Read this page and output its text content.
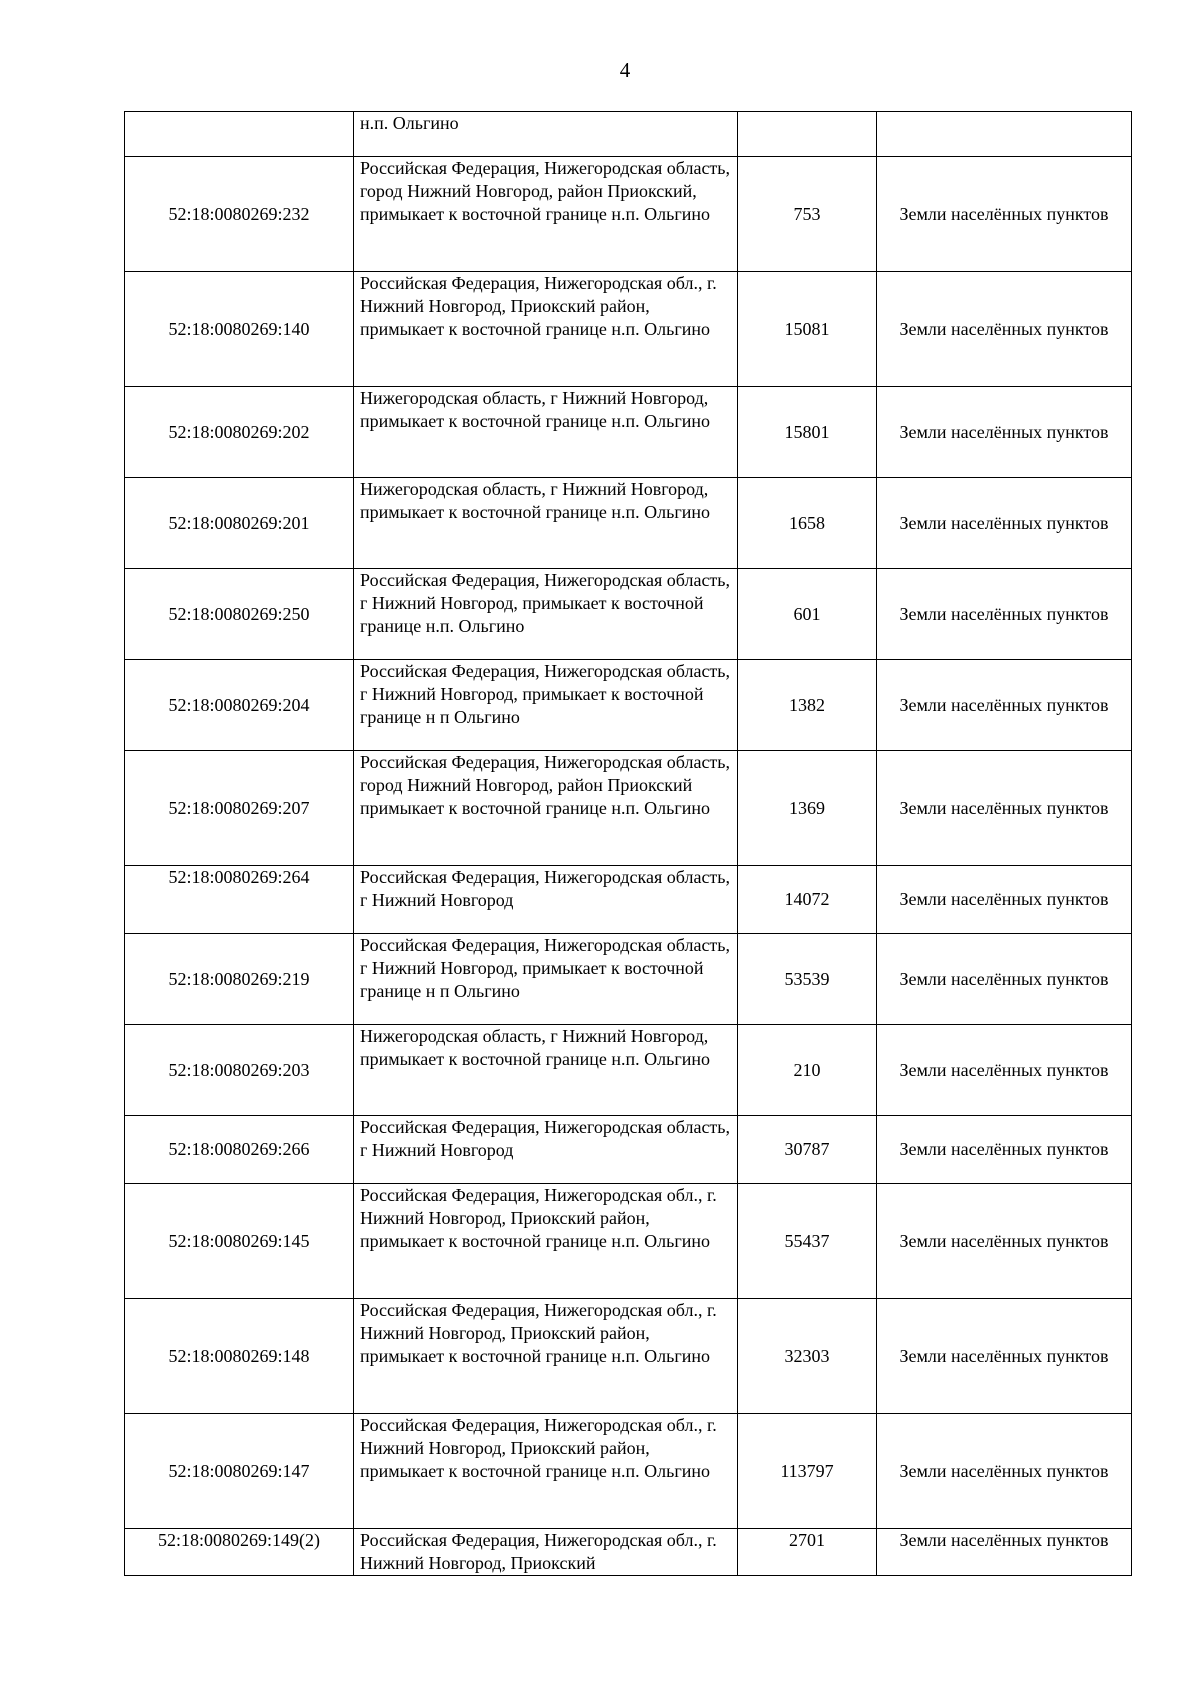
4
	н.п. Ольгино		
52:18:0080269:232	Российская Федерация, Нижегородская область, город Нижний Новгород, район Приокский, примыкает к восточной границе н.п. Ольгино	753	Земли населённых пунктов
52:18:0080269:140	Российская Федерация, Нижегородская обл., г. Нижний Новгород, Приокский район, примыкает к восточной границе н.п. Ольгино	15081	Земли населённых пунктов
52:18:0080269:202	Нижегородская область, г Нижний Новгород, примыкает к восточной границе н.п. Ольгино	15801	Земли населённых пунктов
52:18:0080269:201	Нижегородская область, г Нижний Новгород, примыкает к восточной границе н.п. Ольгино	1658	Земли населённых пунктов
52:18:0080269:250	Российская Федерация, Нижегородская область, г Нижний Новгород, примыкает к восточной границе н.п. Ольгино	601	Земли населённых пунктов
52:18:0080269:204	Российская Федерация, Нижегородская область, г Нижний Новгород, примыкает к восточной границе н п Ольгино	1382	Земли населённых пунктов
52:18:0080269:207	Российская Федерация, Нижегородская область, город Нижний Новгород, район Приокский примыкает к восточной границе н.п. Ольгино	1369	Земли населённых пунктов
52:18:0080269:264	Российская Федерация, Нижегородская область, г Нижний Новгород	14072	Земли населённых пунктов
52:18:0080269:219	Российская Федерация, Нижегородская область, г Нижний Новгород, примыкает к восточной границе н п Ольгино	53539	Земли населённых пунктов
52:18:0080269:203	Нижегородская область, г Нижний Новгород, примыкает к восточной границе н.п. Ольгино	210	Земли населённых пунктов
52:18:0080269:266	Российская Федерация, Нижегородская область, г Нижний Новгород	30787	Земли населённых пунктов
52:18:0080269:145	Российская Федерация, Нижегородская обл., г. Нижний Новгород, Приокский район, примыкает к восточной границе н.п. Ольгино	55437	Земли населённых пунктов
52:18:0080269:148	Российская Федерация, Нижегородская обл., г. Нижний Новгород, Приокский район, примыкает к восточной границе н.п. Ольгино	32303	Земли населённых пунктов
52:18:0080269:147	Российская Федерация, Нижегородская обл., г. Нижний Новгород, Приокский район, примыкает к восточной границе н.п. Ольгино	113797	Земли населённых пунктов
52:18:0080269:149(2)	Российская Федерация, Нижегородская обл., г. Нижний Новгород, Приокский	2701	Земли населённых пунктов
